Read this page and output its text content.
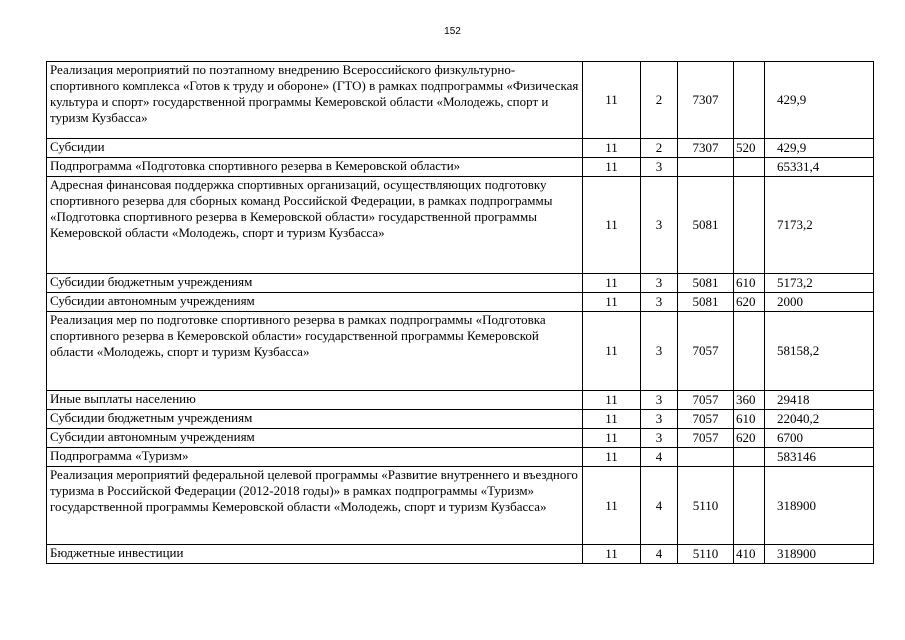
152
Реализация мероприятий по поэтапному внедрению Всероссийского физкультурно-спортивного комплекса «Готов к труду и обороне» (ГТО) в рамках подпрограммы «Физическая культура и спорт» государственной программы Кемеровской области «Молодежь, спорт и туризм Кузбасса»	11	2	7307		429,9
Субсидии	11	2	7307	520	429,9
Подпрограмма «Подготовка спортивного резерва в Кемеровской области»	11	3			65331,4
Адресная финансовая поддержка спортивных организаций, осуществляющих подготовку спортивного резерва для сборных команд Российской Федерации, в рамках подпрограммы «Подготовка спортивного резерва в Кемеровской области» государственной программы Кемеровской области «Молодежь, спорт и туризм Кузбасса»	11	3	5081		7173,2
Субсидии бюджетным учреждениям	11	3	5081	610	5173,2
Субсидии автономным учреждениям	11	3	5081	620	2000
Реализация мер по подготовке спортивного резерва в рамках подпрограммы «Подготовка спортивного резерва в Кемеровской области» государственной программы Кемеровской области «Молодежь, спорт и туризм Кузбасса»	11	3	7057		58158,2
Иные выплаты населению	11	3	7057	360	29418
Субсидии бюджетным учреждениям	11	3	7057	610	22040,2
Субсидии автономным учреждениям	11	3	7057	620	6700
Подпрограмма «Туризм»	11	4			583146
Реализация мероприятий федеральной целевой программы «Развитие внутреннего и въездного туризма в Российской Федерации (2012-2018 годы)» в рамках подпрограммы «Туризм» государственной программы Кемеровской области «Молодежь, спорт и туризм Кузбасса»	11	4	5110		318900
Бюджетные инвестиции	11	4	5110	410	318900
